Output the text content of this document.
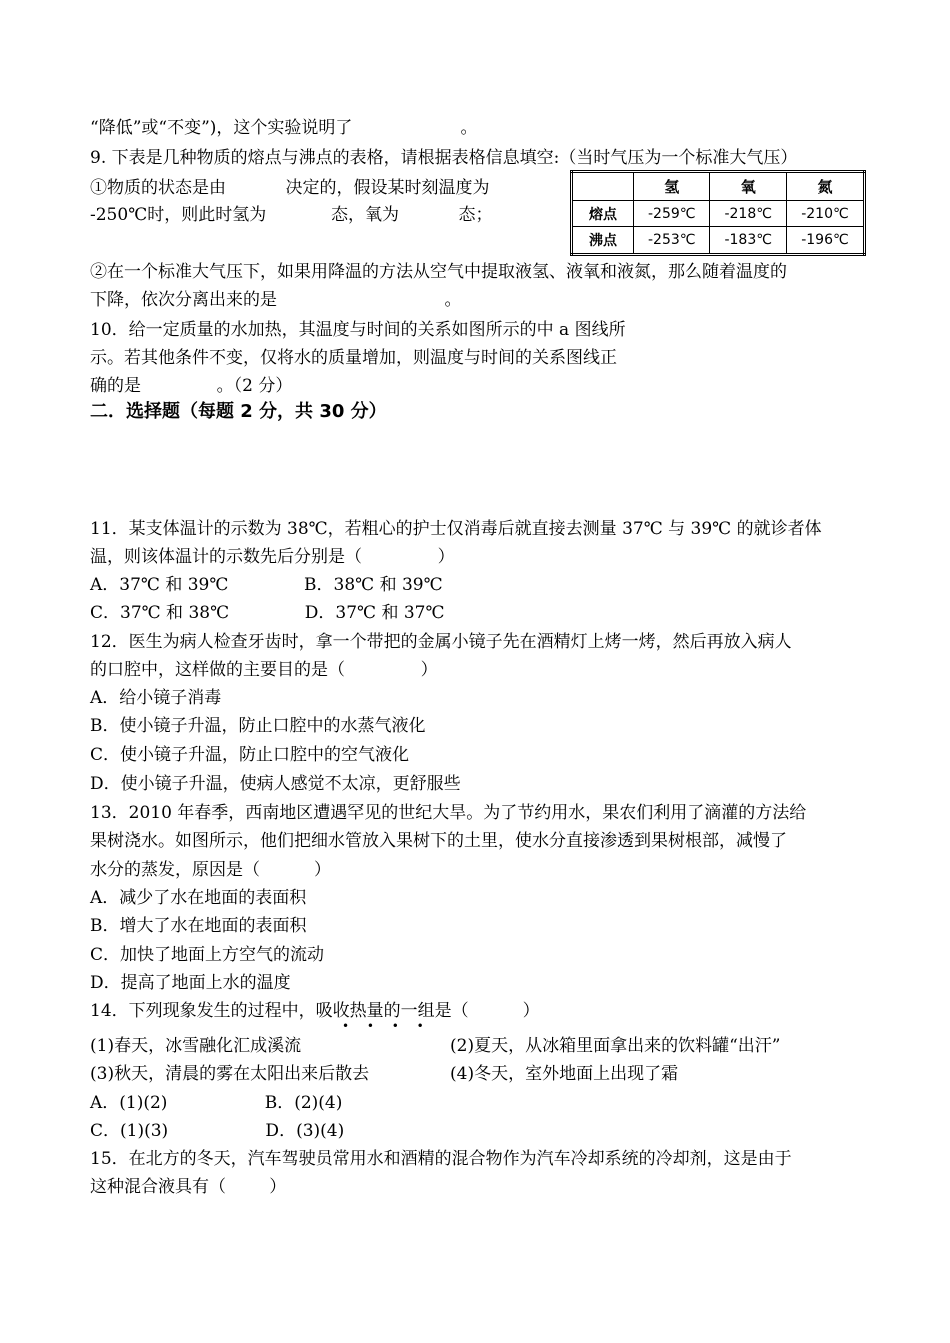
“降低”或“不变”)，这个实验说明了                    。
9. 下表是几种物质的熔点与沸点的表格，请根据表格信息填空:（当时气压为一个标准大气压）
①物质的状态是由           决定的，假设某时刻温度为
-250℃时，则此时氢为            态，氧为           态；
	氢	氧	氮
熔点	-259℃	-218℃	-210℃
沸点	-253℃	-183℃	-196℃
②在一个标准大气压下，如果用降温的方法从空气中提取液氢、液氧和液氮，那么随着温度的
下降，依次分离出来的是                               。
10．给一定质量的水加热，其温度与时间的关系如图所示的中 a 图线所
示。若其他条件不变，仅将水的质量增加，则温度与时间的关系图线正
确的是              。（2 分）
二．选择题（每题 2 分，共 30 分）
11．某支体温计的示数为 38℃，若粗心的护士仅消毒后就直接去测量 37℃ 与 39℃ 的就诊者体
温，则该体温计的示数先后分别是（              ）
A．37℃ 和 39℃              B．38℃ 和 39℃
C．37℃ 和 38℃              D．37℃ 和 37℃
12．医生为病人检查牙齿时，拿一个带把的金属小镜子先在酒精灯上烤一烤，然后再放入病人
的口腔中，这样做的主要目的是（              ）
A．给小镜子消毒
B．使小镜子升温，防止口腔中的水蒸气液化
C．使小镜子升温，防止口腔中的空气液化
D．使小镜子升温，使病人感觉不太凉，更舒服些
13．2010 年春季，西南地区遭遇罕见的世纪大旱。为了节约用水，果农们利用了滴灌的方法给
果树浇水。如图所示，他们把细水管放入果树下的土里，使水分直接渗透到果树根部，减慢了
水分的蒸发，原因是（          ）
A．减少了水在地面的表面积
B．增大了水在地面的表面积
C．加快了地面上方空气的流动
D．提高了地面上水的温度
14．下列现象发生的过程中，吸收热量的一组是（          ）
• • • •
(1)春天，冰雪融化汇成溪流	(2)夏天，从冰箱里面拿出来的饮料罐“出汗”
(3)秋天，清晨的雾在太阳出来后散去	(4)冬天，室外地面上出现了霜
A．(1)(2)                  B．(2)(4)
C．(1)(3)                  D．(3)(4)
15．在北方的冬天，汽车驾驶员常用水和酒精的混合物作为汽车冷却系统的冷却剂，这是由于
这种混合液具有（        ）
